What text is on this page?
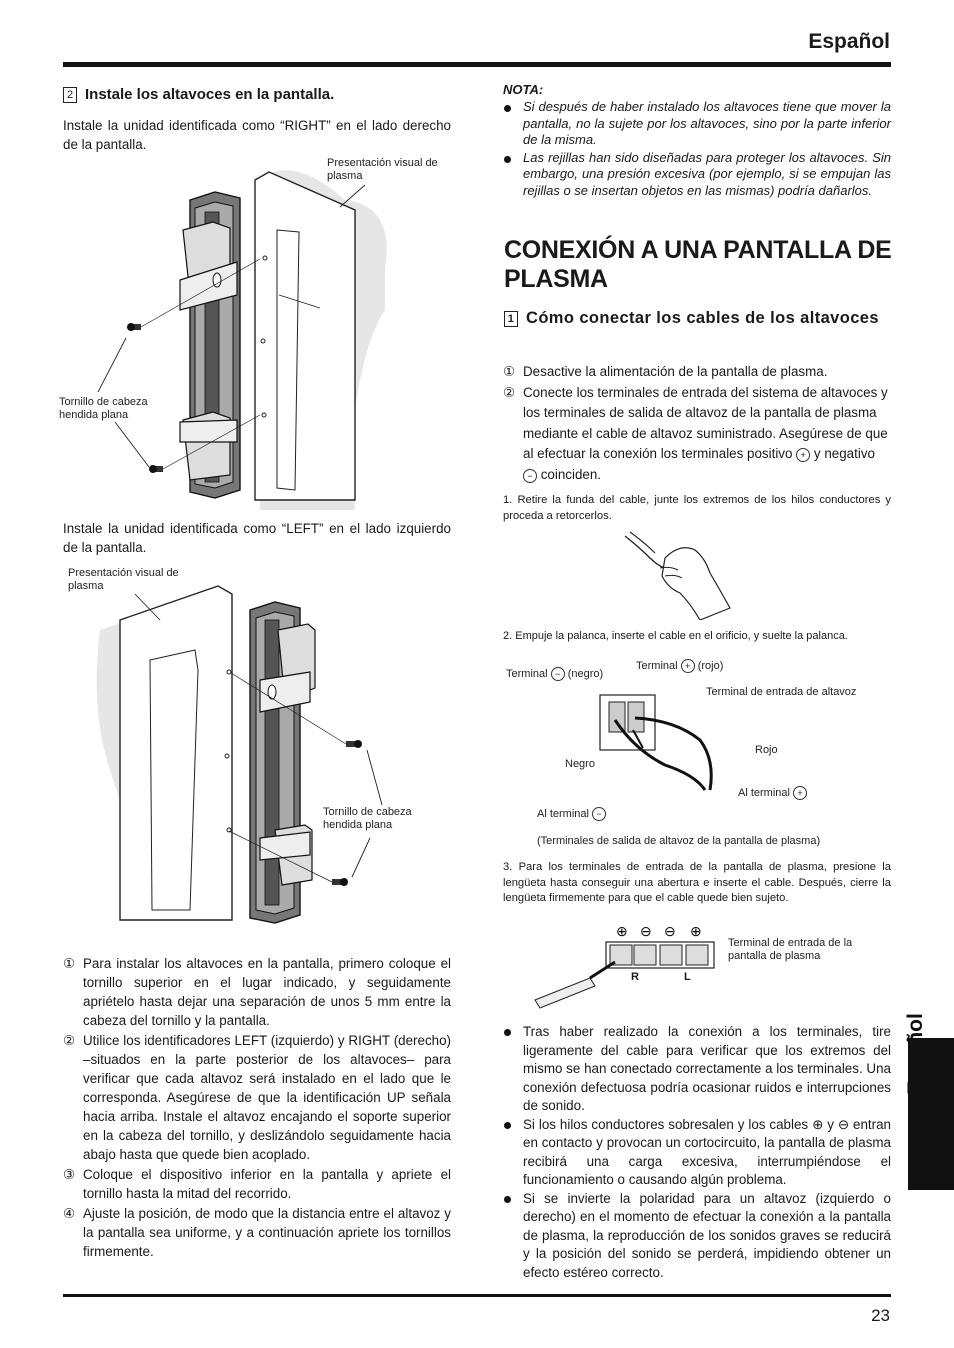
Español
2 Instale los altavoces en la pantalla.
Instale la unidad identificada como “RIGHT” en el lado derecho de la pantalla.
Presentación visual de plasma
Tornillo de cabeza hendida plana
Instale la unidad identificada como “LEFT” en el lado izquierdo de la pantalla.
Presentación visual de plasma
Tornillo de cabeza hendida plana
① Para instalar los altavoces en la pantalla, primero coloque el tornillo superior en el lugar indicado, y seguidamente apriételo hasta dejar una separación de unos 5 mm entre la cabeza del tornillo y la pantalla.
② Utilice los identificadores LEFT (izquierdo) y RIGHT (derecho) –situados en la parte posterior de los altavoces– para verificar que cada altavoz será instalado en el lado que le corresponda. Asegúrese de que la identificación UP señala hacia arriba. Instale el altavoz encajando el soporte superior en la cabeza del tornillo, y deslizándolo seguidamente hacia abajo hasta que quede bien acoplado.
③ Coloque el dispositivo inferior en la pantalla y apriete el tornillo hasta la mitad del recorrido.
④ Ajuste la posición, de modo que la distancia entre el altavoz y la pantalla sea uniforme, y a continuación apriete los tornillos firmemente.
NOTA:
Si después de haber instalado los altavoces tiene que mover la pantalla, no la sujete por los altavoces, sino por la parte inferior de la misma.
Las rejillas han sido diseñadas para proteger los altavoces. Sin embargo, una presión excesiva (por ejemplo, si se empujan las rejillas o se insertan objetos en las mismas) podría dañarlos.
CONEXIÓN A UNA PANTALLA DE PLASMA
1 Cómo conectar los cables de los altavoces
① Desactive la alimentación de la pantalla de plasma.
② Conecte los terminales de entrada del sistema de altavoces y los terminales de salida de altavoz de la pantalla de plasma mediante el cable de altavoz suministrado. Asegúrese de que al efectuar la conexión los terminales positivo + y negativo − coinciden.
1. Retire la funda del cable, junte los extremos de los hilos conductores y proceda a retorcerlos.
2. Empuje la palanca, inserte el cable en el orificio, y suelte la palanca.
Terminal − (negro)
Terminal + (rojo)
Terminal de entrada de altavoz
Rojo
Negro
Al terminal +
Al terminal −
(Terminales de salida de altavoz de la pantalla de plasma)
3. Para los terminales de entrada de la pantalla de plasma, presione la lengüeta hasta conseguir una abertura e inserte el cable. Después, cierre la lengüeta firmemente para que el cable quede bien sujeto.
⊕ ⊖ ⊖ ⊕
R	L
Terminal de entrada de la pantalla de plasma
Tras haber realizado la conexión a los terminales, tire ligeramente del cable para verificar que los extremos del mismo se han conectado correctamente a los terminales. Una conexión defectuosa podría ocasionar ruidos e interrupciones de sonido.
Si los hilos conductores sobresalen y los cables ⊕ y ⊖ entran en contacto y provocan un cortocircuito, la pantalla de plasma recibirá una carga excesiva, interrumpiéndose el funcionamiento o causando algún problema.
Si se invierte la polaridad para un altavoz (izquierdo o derecho) en el momento de efectuar la conexión a la pantalla de plasma, la reproducción de los sonidos graves se reducirá y la posición del sonido se perderá, impidiendo obtener un efecto estéreo correcto.
Español
23
